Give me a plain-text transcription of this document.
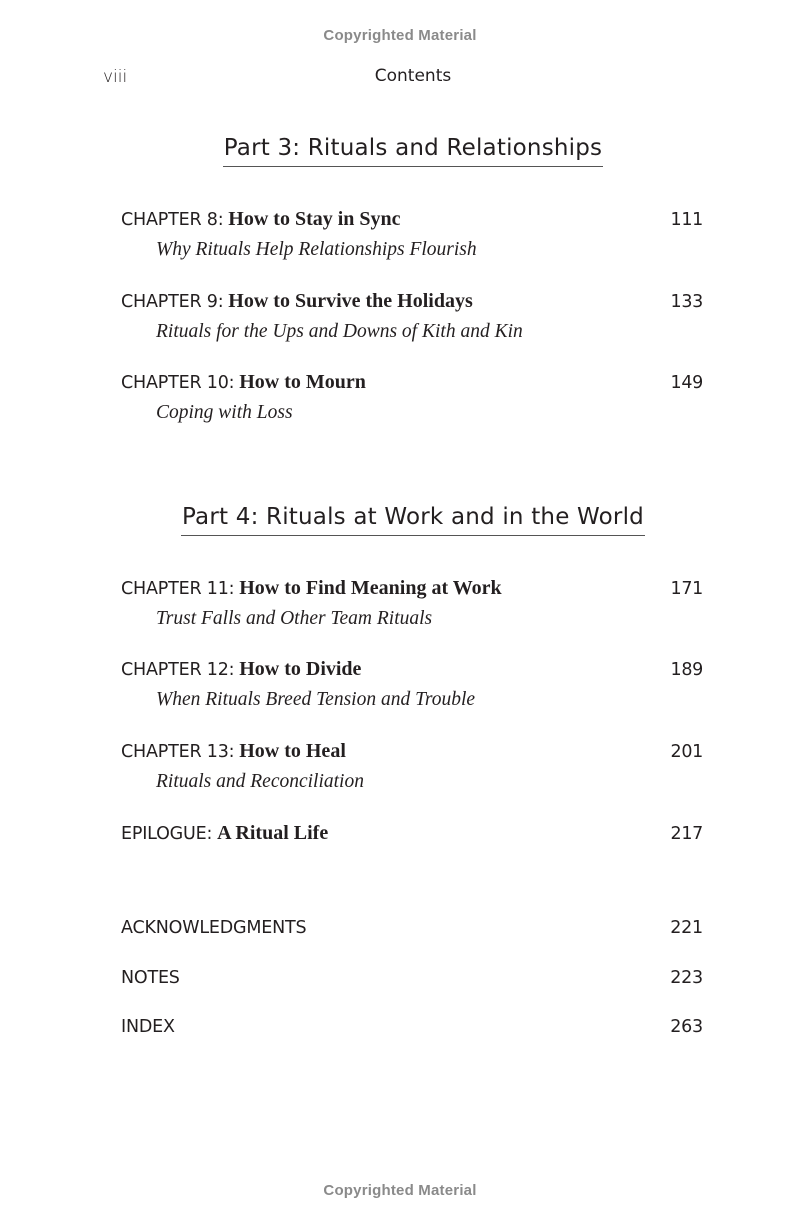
Copyrighted Material
viii	Contents
Part 3: Rituals and Relationships
CHAPTER 8: How to Stay in Sync	111
Why Rituals Help Relationships Flourish
CHAPTER 9: How to Survive the Holidays	133
Rituals for the Ups and Downs of Kith and Kin
CHAPTER 10: How to Mourn	149
Coping with Loss
Part 4: Rituals at Work and in the World
CHAPTER 11: How to Find Meaning at Work	171
Trust Falls and Other Team Rituals
CHAPTER 12: How to Divide	189
When Rituals Breed Tension and Trouble
CHAPTER 13: How to Heal	201
Rituals and Reconciliation
EPILOGUE: A Ritual Life	217
ACKNOWLEDGMENTS	221
NOTES	223
INDEX	263
Copyrighted Material
